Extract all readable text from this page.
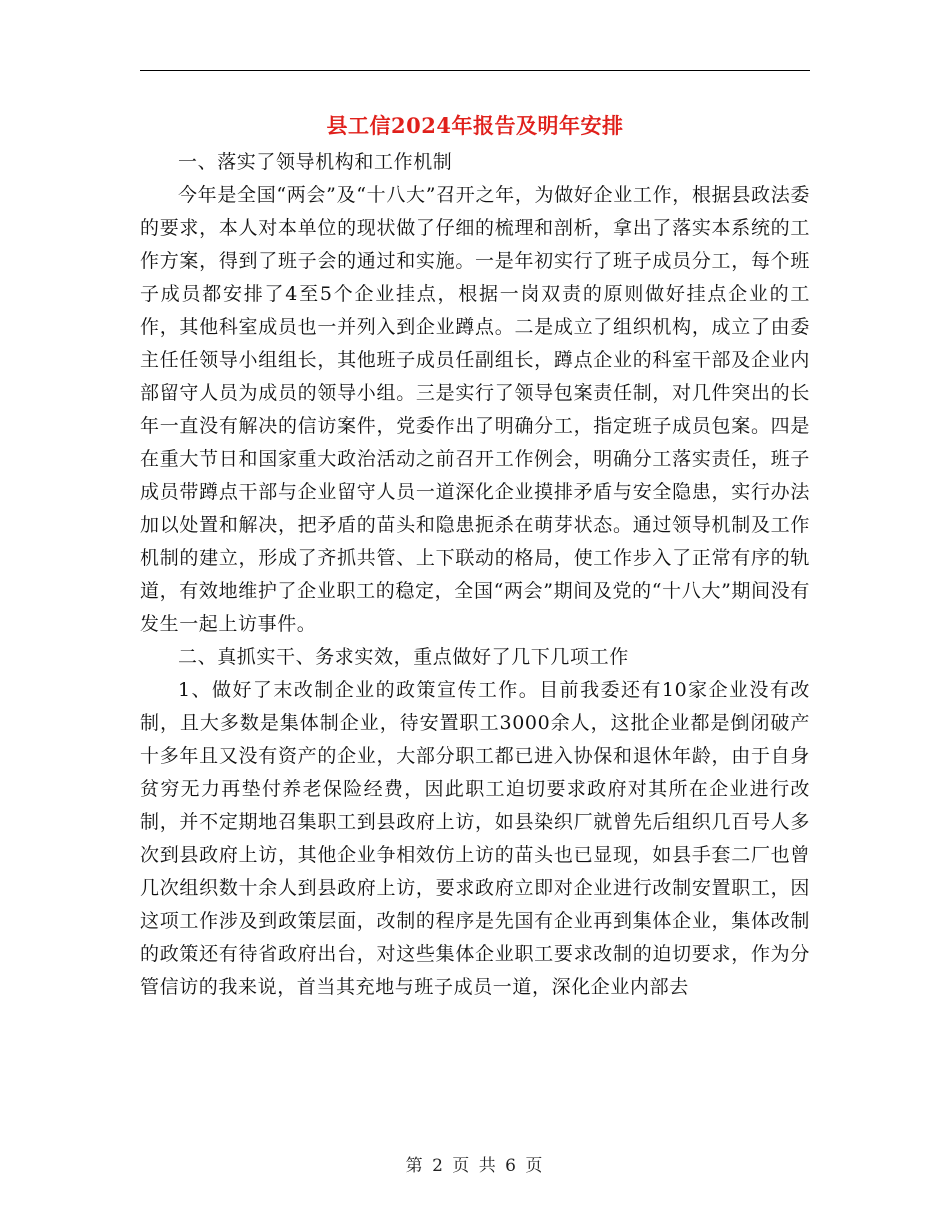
县工信2024年报告及明年安排

一、落实了领导机构和工作机制

今年是全国“两会”及“十八大”召开之年，为做好企业工作，根据县政法委的要求，本人对本单位的现状做了仔细的梳理和剖析，拿出了落实本系统的工作方案，得到了班子会的通过和实施。一是年初实行了班子成员分工，每个班子成员都安排了4至5个企业挂点，根据一岗双责的原则做好挂点企业的工作，其他科室成员也一并列入到企业蹲点。二是成立了组织机构，成立了由委主任任领导小组组长，其他班子成员任副组长，蹲点企业的科室干部及企业内部留守人员为成员的领导小组。三是实行了领导包案责任制，对几件突出的长年一直没有解决的信访案件，党委作出了明确分工，指定班子成员包案。四是在重大节日和国家重大政治活动之前召开工作例会，明确分工落实责任，班子成员带蹲点干部与企业留守人员一道深化企业摸排矛盾与安全隐患，实行办法加以处置和解决，把矛盾的苗头和隐患扼杀在萌芽状态。通过领导机制及工作机制的建立，形成了齐抓共管、上下联动的格局，使工作步入了正常有序的轨道，有效地维护了企业职工的稳定，全国“两会”期间及党的“十八大”期间没有发生一起上访事件。

二、真抓实干、务求实效，重点做好了几下几项工作

1、做好了末改制企业的政策宣传工作。目前我委还有10家企业没有改制，且大多数是集体制企业，待安置职工3000余人，这批企业都是倒闭破产十多年且又没有资产的企业，大部分职工都已进入协保和退休年龄，由于自身贫穷无力再垫付养老保险经费，因此职工迫切要求政府对其所在企业进行改制，并不定期地召集职工到县政府上访，如县染织厂就曾先后组织几百号人多次到县政府上访，其他企业争相效仿上访的苗头也已显现，如县手套二厂也曾几次组织数十余人到县政府上访，要求政府立即对企业进行改制安置职工，因这项工作涉及到政策层面，改制的程序是先国有企业再到集体企业，集体改制的政策还有待省政府出台，对这些集体企业职工要求改制的迫切要求，作为分管信访的我来说，首当其充地与班子成员一道，深化企业内部去

第 2 页 共 6 页
